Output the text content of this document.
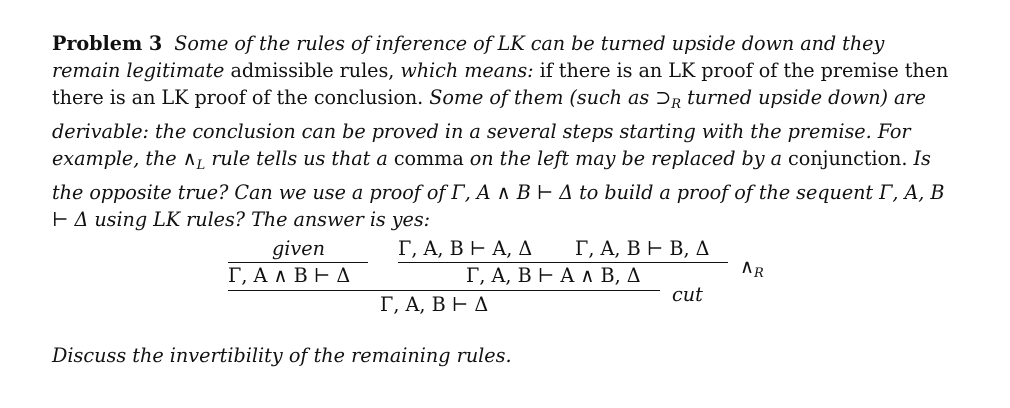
Problem 3 Some of the rules of inference of LK can be turned upside down and they remain legitimate admissible rules, which means: if there is an LK proof of the premise then there is an LK proof of the conclusion. Some of them (such as $⊃_R$ turned upside down) are derivable: the conclusion can be proved in a several steps starting with the premise. For example, the $\wedge_L$ rule tells us that a comma on the left may be replaced by a conjunction. Is the opposite true? Can we use a proof of Γ, A ∧ B ⊢ Δ to build a proof of the sequent Γ, A, B ⊢ Δ using LK rules? The answer is yes:
given
Γ, A ∧ B ⊢ Δ
Γ, A, B ⊢ A, Δ Γ, A, B ⊢ B, Δ
$\wedge_R$
Γ, A, B ⊢ A ∧ B, Δ
cut
Γ, A, B ⊢ Δ
Discuss the invertibility of the remaining rules.
